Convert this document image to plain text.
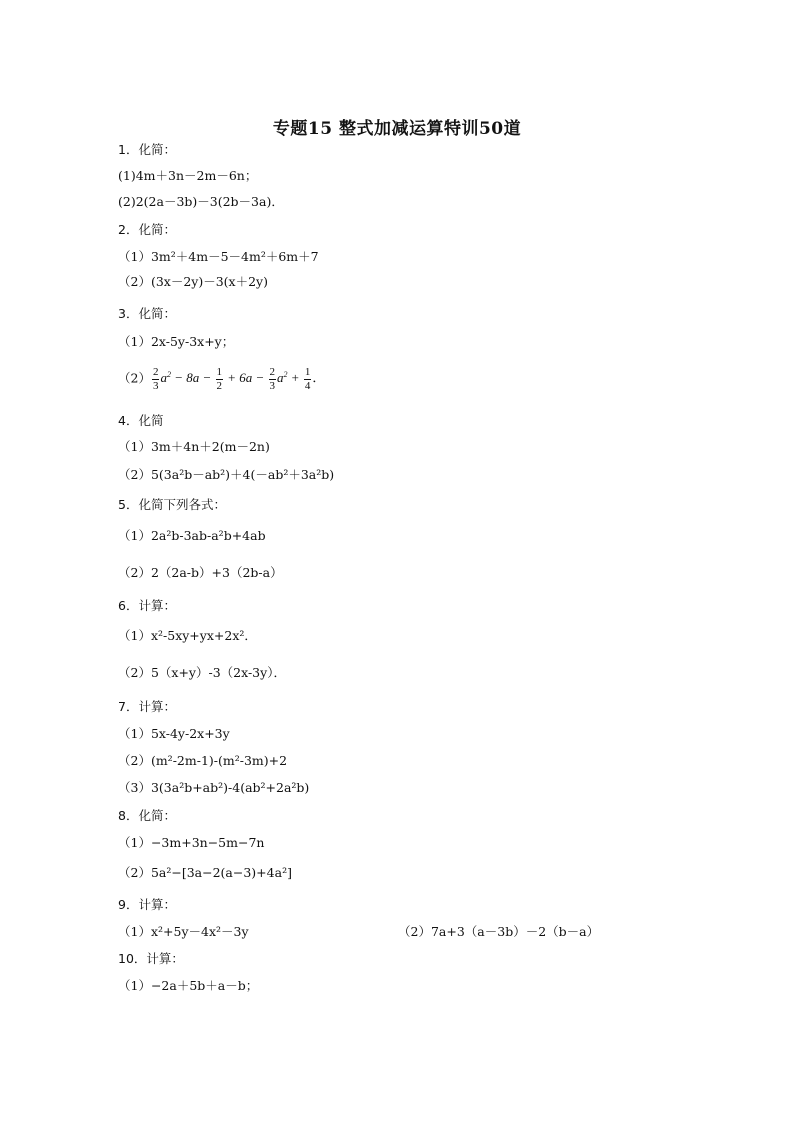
专题15 整式加减运算特训50道
1．化简：
(1)4m＋3n－2m－6n；
(2)2(2a－3b)－3(2b－3a)．
2．化简：
（1）3m²＋4m－5－4m²＋6m＋7
（2）(3x－2y)－3(x＋2y)
3．化简：
（1）2x-5y-3x+y；
$(2) \frac{2}{3} a^2 - 8a - \frac{1}{2} + 6a - \frac{2}{3} a^2 + \frac{1}{4}$ ．
4．化简
（1）3m＋4n＋2(m－2n)
（2）5(3a²b－ab²)＋4(－ab²＋3a²b)
5．化简下列各式：
（1）2a²b-3ab-a²b+4ab
（2）2（2a-b）+3（2b-a）
6．计算：
（1）x²-5xy+yx+2x²．
（2）5（x+y）-3（2x-3y）．
7．计算：
（1）5x-4y-2x+3y
（2）(m²-2m-1)-(m²-3m)+2
（3）3(3a²b+ab²)-4(ab²+2a²b)
8．化简：
（1）−3m+3n−5m−7n
（2）5a²−[3a−2(a−3)+4a²]
9．计算：
（1）x²+5y－4x²－3y	（2）7a+3（a－3b）－2（b－a）
10．计算：
（1）−2a＋5b＋a－b；
